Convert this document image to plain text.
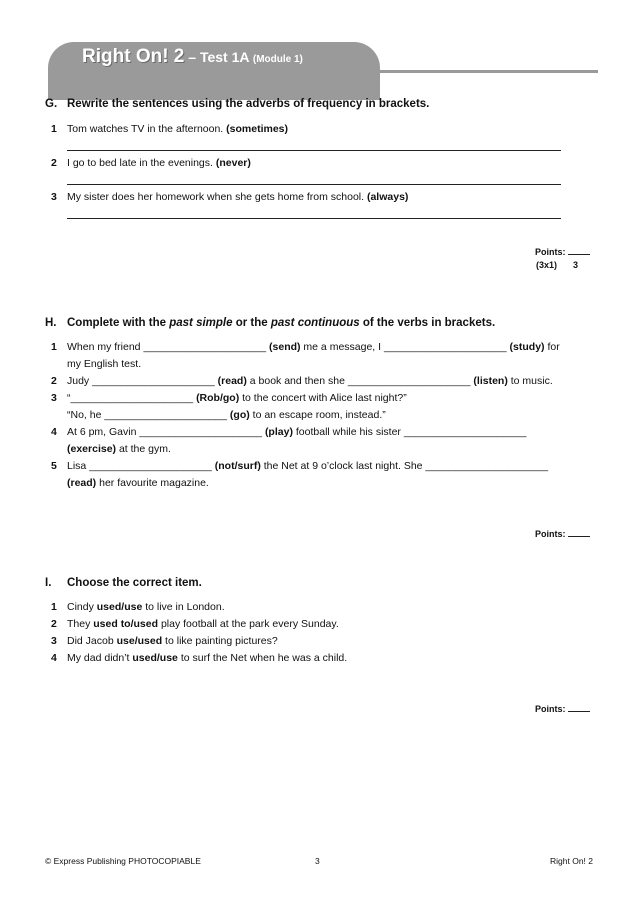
Right On! 2 – Test 1A (Module 1)
G. Rewrite the sentences using the adverbs of frequency in brackets.
1 Tom watches TV in the afternoon. (sometimes)
2 I go to bed late in the evenings. (never)
3 My sister does her homework when she gets home from school. (always)
Points:
(3x1) 3
H. Complete with the past simple or the past continuous of the verbs in brackets.
1 When my friend _____________________ (send) me a message, I _____________________ (study) for
my English test.
2 Judy _____________________ (read) a book and then she _____________________ (listen) to music.
3 “_____________________ (Rob/go) to the concert with Alice last night?”
“No, he _____________________ (go) to an escape room, instead.”
4 At 6 pm, Gavin _____________________ (play) football while his sister _____________________
(exercise) at the gym.
5 Lisa _____________________ (not/surf) the Net at 9 o’clock last night. She _____________________
(read) her favourite magazine.
Points:
I. Choose the correct item.
1 Cindy used/use to live in London.
2 They used to/used play football at the park every Sunday.
3 Did Jacob use/used to like painting pictures?
4 My dad didn’t used/use to surf the Net when he was a child.
Points:
© Express Publishing PHOTOCOPIABLE	3	Right On! 2
